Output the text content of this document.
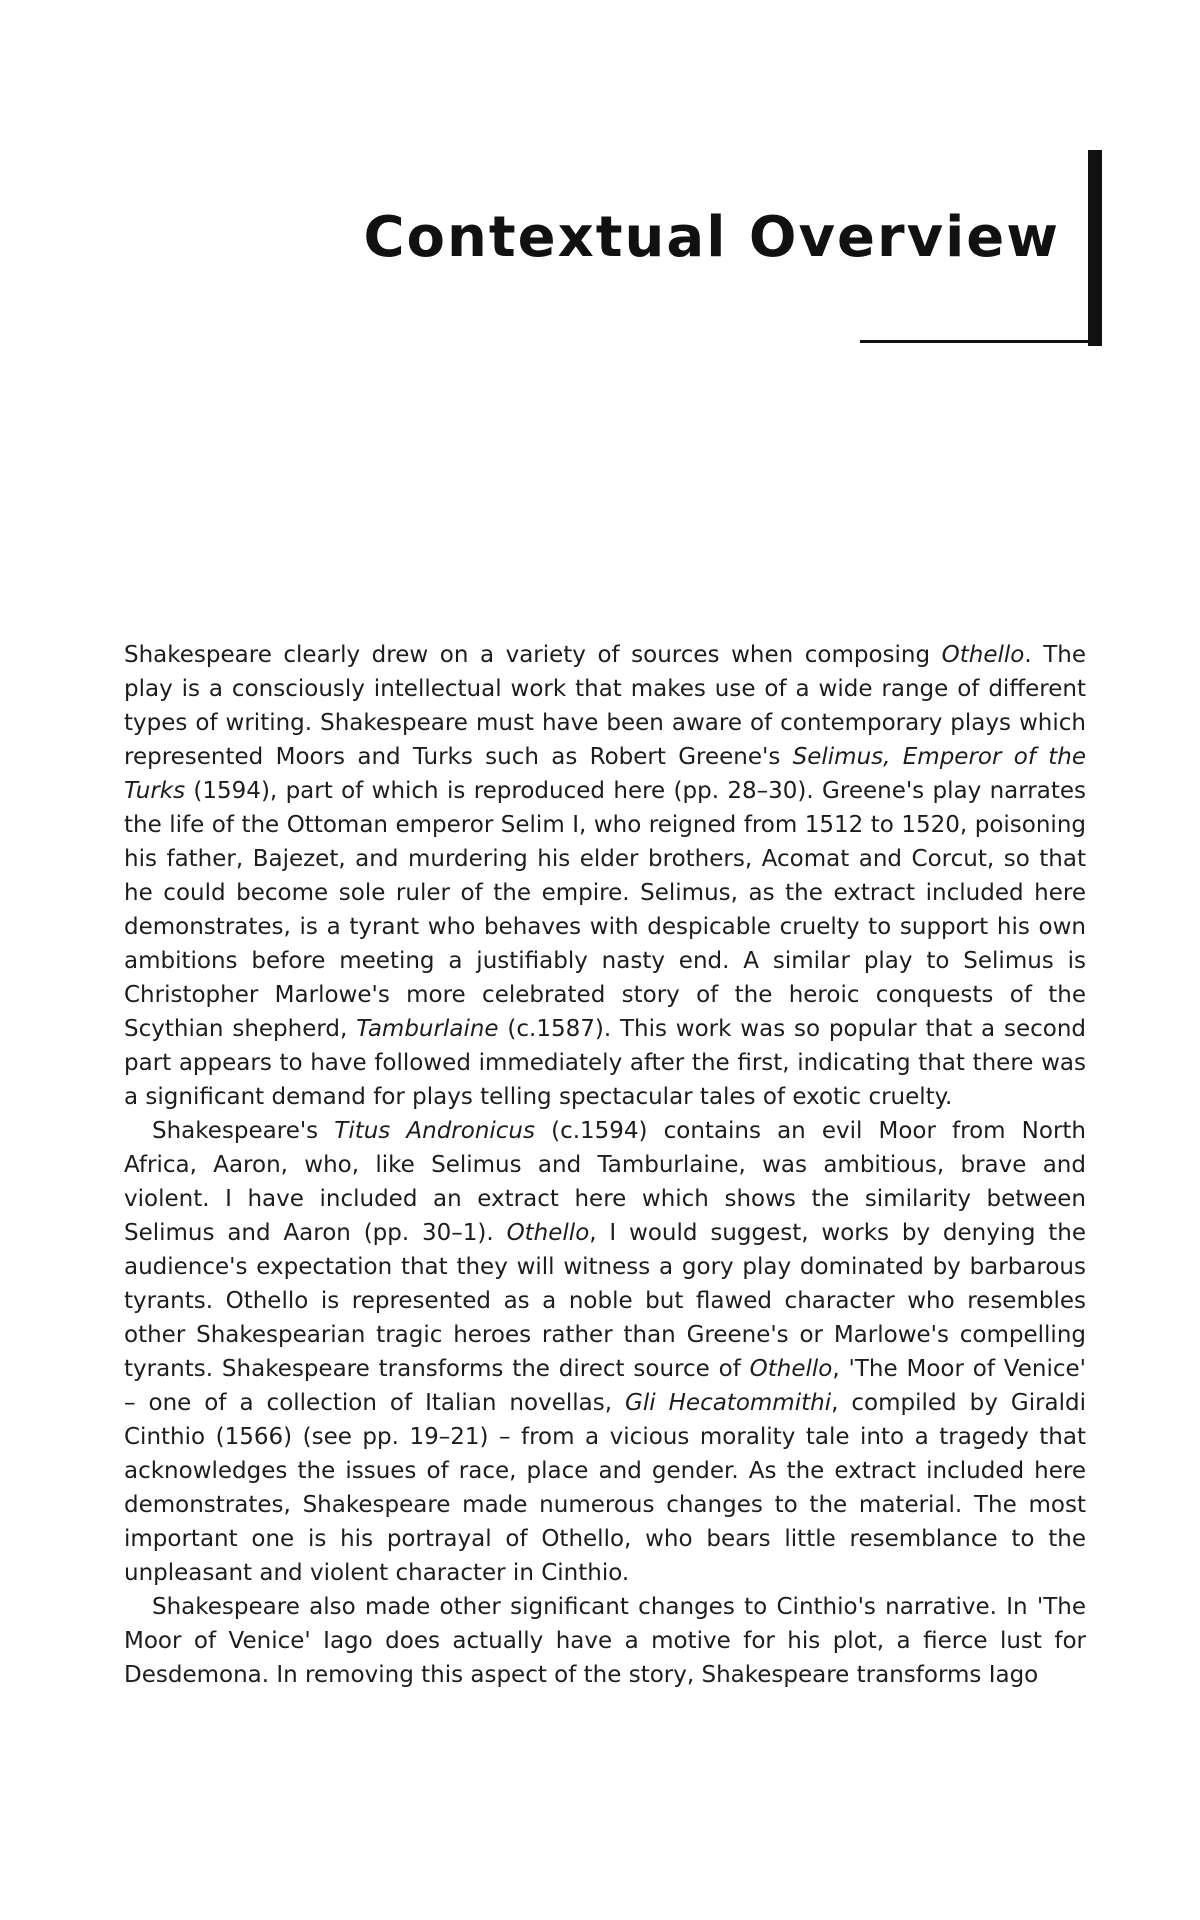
Contextual Overview

Shakespeare clearly drew on a variety of sources when composing Othello. The play is a consciously intellectual work that makes use of a wide range of different types of writing. Shakespeare must have been aware of contemporary plays which represented Moors and Turks such as Robert Greene's Selimus, Emperor of the Turks (1594), part of which is reproduced here (pp. 28–30). Greene's play narrates the life of the Ottoman emperor Selim I, who reigned from 1512 to 1520, poisoning his father, Bajezet, and murdering his elder brothers, Acomat and Corcut, so that he could become sole ruler of the empire. Selimus, as the extract included here demonstrates, is a tyrant who behaves with despicable cruelty to support his own ambitions before meeting a justifiably nasty end. A similar play to Selimus is Christopher Marlowe's more celebrated story of the heroic conquests of the Scythian shepherd, Tamburlaine (c.1587). This work was so popular that a second part appears to have followed immediately after the first, indicating that there was a significant demand for plays telling spectacular tales of exotic cruelty.

Shakespeare's Titus Andronicus (c.1594) contains an evil Moor from North Africa, Aaron, who, like Selimus and Tamburlaine, was ambitious, brave and violent. I have included an extract here which shows the similarity between Selimus and Aaron (pp. 30–1). Othello, I would suggest, works by denying the audience's expectation that they will witness a gory play dominated by barbarous tyrants. Othello is represented as a noble but flawed character who resembles other Shakespearian tragic heroes rather than Greene's or Marlowe's compelling tyrants. Shakespeare transforms the direct source of Othello, 'The Moor of Venice' – one of a collection of Italian novellas, Gli Hecatommithi, compiled by Giraldi Cinthio (1566) (see pp. 19–21) – from a vicious morality tale into a tragedy that acknowledges the issues of race, place and gender. As the extract included here demonstrates, Shakespeare made numerous changes to the material. The most important one is his portrayal of Othello, who bears little resemblance to the unpleasant and violent character in Cinthio.

Shakespeare also made other significant changes to Cinthio's narrative. In 'The Moor of Venice' Iago does actually have a motive for his plot, a fierce lust for Desdemona. In removing this aspect of the story, Shakespeare transforms Iago
